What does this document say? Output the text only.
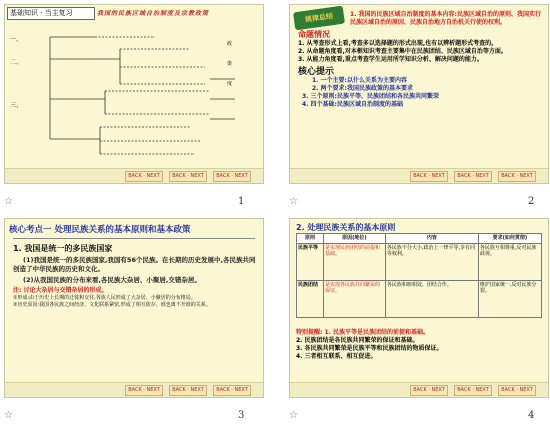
基础知识 · 当主复习	我国的民族区域自治制度及宗教政策
一、
二、
三、
政
策
度
BACK · NEXT	BACK · NEXT	BACK · NEXT
☆	1
规律总结	1. 我国的民族区域自治制度的基本内容:民族区域自治的原则、我国实行民族区域自治的原因、民族自治地方自治机关行使的权利。
命题情况
1. 从考查形式上看,考查多以选择题的形式出现,也有以辨析题形式考查的。
2. 从命题角度看,对本框知识考查主要集中在民族团结、民族区域自治等方面。
3. 从能力角度看,重点考查学生运用所学知识分析、解决问题的能力。
核心提示
1. 一个主要:以什么关系为主要内容
2. 两个要求:我国民族政策的基本要求
3. 三个原则:民族平等、民族团结和各民族共同繁荣
4. 四个基础:民族区域自治制度的基础
BACK · NEXT	BACK · NEXT	BACK · NEXT
☆	2
核心考点一 处理民族关系的基本原则和基本政策
1. 我国是统一的多民族国家
(1)我国是统一的多民族国家,我国有56个民族。在长期的历史发展中,各民族共同创造了中华民族的历史和文化。
(2)从我国民族的分布来看,各民族大杂居、小聚居,交错杂居。
注: 讨论大杂居与交错杂居的形成。
①形成:由于历史上长期的迁徙和交往,各族人民形成了大杂居、小聚居的分布格局。
②历史原因:我国各民族之间经济、文化联系紧密,形成了相互依存、谁也离不开谁的关系。
BACK · NEXT	BACK · NEXT	BACK · NEXT
☆	3
2. 处理民族关系的基本原则
原则	原因(地位)	内容	要求(如何贯彻)
民族平等	是实现民族团结的前提和基础。	各民族不分大小,政治上一律平等,享有同等权利。	各民族互相尊重,反对民族歧视。
民族团结	是实现各民族共同繁荣的保证。	各民族和睦相处、团结合作。	维护国家统一,反对民族分裂。
特别提醒: 1. 民族平等是民族团结的前提和基础。
2. 民族团结是各民族共同繁荣的保证和基础。
3. 各民族共同繁荣是民族平等和民族团结的物质保证。
4. 三者相互联系、相互促进。
BACK · NEXT	BACK · NEXT	BACK · NEXT
☆	4
